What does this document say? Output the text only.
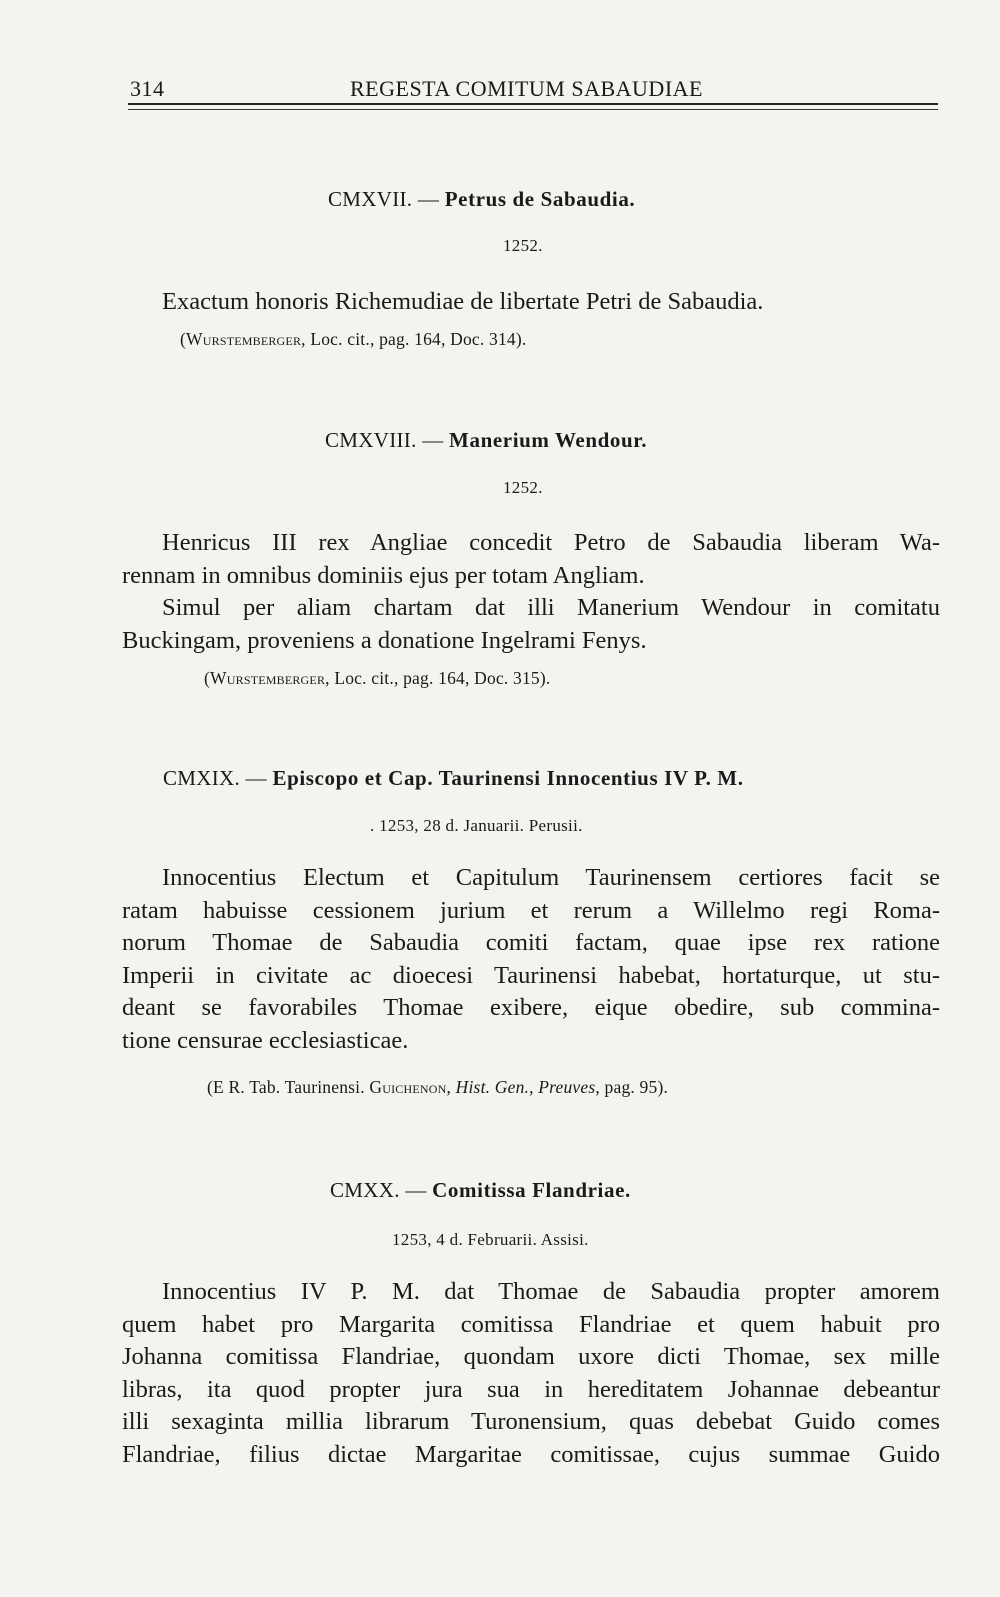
314	REGESTA COMITUM SABAUDIAE
CMXVII. — Petrus de Sabaudia.
1252.
Exactum honoris Richemudiae de libertate Petri de Sabaudia.
(Wurstemberger, Loc. cit., pag. 164, Doc. 314).
CMXVIII. — Manerium Wendour.
1252.
Henricus III rex Angliae concedit Petro de Sabaudia liberam Wa-
rennam in omnibus dominiis ejus per totam Angliam.
Simul per aliam chartam dat illi Manerium Wendour in comitatu
Buckingam, proveniens a donatione Ingelrami Fenys.
(Wurstemberger, Loc. cit., pag. 164, Doc. 315).
CMXIX. — Episcopo et Cap. Taurinensi Innocentius IV P. M.
. 1253, 28 d. Januarii. Perusii.
Innocentius Electum et Capitulum Taurinensem certiores facit se
ratam habuisse cessionem jurium et rerum a Willelmo regi Roma-
norum Thomae de Sabaudia comiti factam, quae ipse rex ratione
Imperii in civitate ac dioecesi Taurinensi habebat, hortaturque, ut stu-
deant se favorabiles Thomae exibere, eique obedire, sub commina-
tione censurae ecclesiasticae.
(E R. Tab. Taurinensi. Guichenon, Hist. Gen., Preuves, pag. 95).
CMXX. — Comitissa Flandriae.
1253, 4 d. Februarii. Assisi.
Innocentius IV P. M. dat Thomae de Sabaudia propter amorem
quem habet pro Margarita comitissa Flandriae et quem habuit pro
Johanna comitissa Flandriae, quondam uxore dicti Thomae, sex mille
libras, ita quod propter jura sua in hereditatem Johannae debeantur
illi sexaginta millia librarum Turonensium, quas debebat Guido comes
Flandriae, filius dictae Margaritae comitissae, cujus summae Guido
